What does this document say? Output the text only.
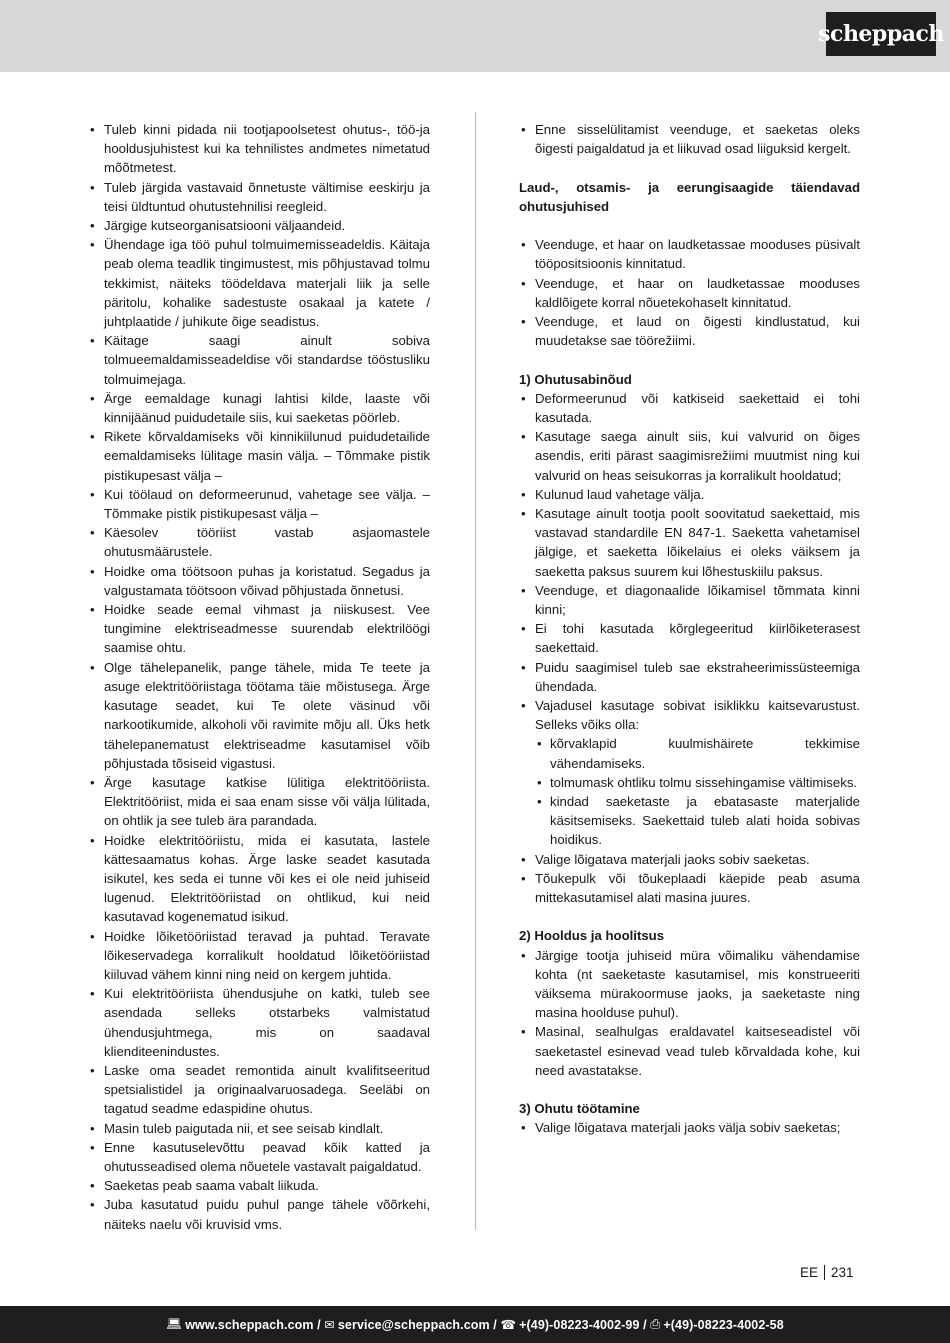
scheppach
• Tuleb kinni pidada nii tootjapoolsetest ohutus-, töö-ja hooldusjuhistest kui ka tehnilistes andmetes nimetatud mõõtmetest.
• Tuleb järgida vastavaid õnnetuste vältimise eeskirju ja teisi üldtuntud ohutustehnilisi reegleid.
• Järgige kutseorganisatsiooni väljaandeid.
• Ühendage iga töö puhul tolmuimemisseadeldis. Käitaja peab olema teadlik tingimustest, mis põhjustavad tolmu tekkimist, näiteks töödeldava materjali liik ja selle päritolu, kohalike sadestuste osakaal ja katete / juhtplaatide / juhikute õige seadistus.
• Käitage saagi ainult sobiva tolmueemaldamisseadeldise või standardse tööstusliku tolmuimejaga.
• Ärge eemaldage kunagi lahtisi kilde, laaste või kinnijäänud puidudetaile siis, kui saeketas pöörleb.
• Rikete kõrvaldamiseks või kinnikiilunud puidudetailide eemaldamiseks lülitage masin välja. – Tõmmake pistik pistikupesast välja –
• Kui töölaud on deformeerunud, vahetage see välja. – Tõmmake pistik pistikupesast välja –
• Käesolev tööriist vastab asjaomastele ohutusmäärustele.
• Hoidke oma töötsoon puhas ja koristatud. Segadus ja valgustamata töötsoon võivad põhjustada õnnetusi.
• Hoidke seade eemal vihmast ja niiskusest. Vee tungimine elektriseadmesse suurendab elektrilöögi saamise ohtu.
• Olge tähelepanelik, pange tähele, mida Te teete ja asuge elektritööriistaga töötama täie mõistusega. Ärge kasutage seadet, kui Te olete väsinud või narkootikumide, alkoholi või ravimite mõju all. Üks hetk tähelepanematust elektriseadme kasutamisel võib põhjustada tõsiseid vigastusi.
• Ärge kasutage katkise lülitiga elektritööriista. Elektritööriist, mida ei saa enam sisse või välja lülitada, on ohtlik ja see tuleb ära parandada.
• Hoidke elektritööriistu, mida ei kasutata, lastele kättesaamatus kohas. Ärge laske seadet kasutada isikutel, kes seda ei tunne või kes ei ole neid juhiseid lugenud. Elektritööriistad on ohtlikud, kui neid kasutavad kogenematud isikud.
• Hoidke lõiketööriistad teravad ja puhtad. Teravate lõikeservadega korralikult hooldatud lõiketööriistad kiiluvad vähem kinni ning neid on kergem juhtida.
• Kui elektritööriista ühendusjuhe on katki, tuleb see asendada selleks otstarbeks valmistatud ühendusjuhtmega, mis on saadaval klienditeenindustes.
• Laske oma seadet remontida ainult kvalifitseeritud spetsialistidel ja originaalvaruosadega. Seeläbi on tagatud seadme edaspidine ohutus.
• Masin tuleb paigutada nii, et see seisab kindlalt.
• Enne kasutuselevõttu peavad kõik katted ja ohutusseadised olema nõuetele vastavalt paigaldatud.
• Saeketas peab saama vabalt liikuda.
• Juba kasutatud puidu puhul pange tähele võõrkehi, näiteks naelu või kruvisid vms.
• Enne sisselülitamist veenduge, et saeketas oleks õigesti paigaldatud ja et liikuvad osad liiguksid kergelt.

Laud-, otsamis- ja eerungisaagide täiendavad ohutusjuhised

• Veenduge, et haar on laudketassae mooduses püsivalt tööpositsioonis kinnitatud.
• Veenduge, et haar on laudketassae mooduses kaldlõigete korral nõuetekohaselt kinnitatud.
• Veenduge, et laud on õigesti kindlustatud, kui muudetakse sae töörežiimi.

1) Ohutusabinõud

• Deformeerunud või katkiseid saekettaid ei tohi kasutada.
• Kasutage saega ainult siis, kui valvurid on õiges asendis, eriti pärast saagimisrežiimi muutmist ning kui valvurid on heas seisukorras ja korralikult hooldatud;
• Kulunud laud vahetage välja.
• Kasutage ainult tootja poolt soovitatud saekettaid, mis vastavad standardile EN 847-1. Saeketta vahetamisel jälgige, et saeketta lõikelaius ei oleks väiksem ja saeketta paksus suurem kui lõhestuskiilu paksus.
• Veenduge, et diagonaalide lõikamisel tõmmata kinni kinni;
• Ei tohi kasutada kõrglegeeritud kiirlõiketerasest saekettaid.
• Puidu saagimisel tuleb sae ekstraheerimissüsteemiga ühendada.
• Vajadusel kasutage sobivat isiklikku kaitsevarustust. Selleks võiks olla:
• kõrvaklapid kuulmishäirete tekkimise vähendamiseks.
• tolmumask ohtliku tolmu sissehingamise vältimiseks.
• kindad saeketaste ja ebatasaste materjalide käsitsemiseks. Saekettaid tuleb alati hoida sobivas hoidikus.
• Valige lõigatava materjali jaoks sobiv saeketas.
• Tõukepulk või tõukeplaadi käepide peab asuma mittekasutamisel alati masina juures.

2) Hooldus ja hoolitsus

• Järgige tootja juhiseid müra võimaliku vähendamise kohta (nt saeketaste kasutamisel, mis konstrueeriti väiksema mürakoormuse jaoks, ja saeketaste ning masina hoolduse puhul).
• Masinal, sealhulgas eraldavatel kaitseseadistel või saeketastel esinevad vead tuleb kõrvaldada kohe, kui need avastatakse.

3) Ohutu töötamine

• Valige lõigatava materjali jaoks välja sobiv saeketas;
EE 231
💻︎ www.scheppach.com /
✉︎ service@scheppach.com /
☎︎ +(49)-08223-4002-99 /
⎙ +(49)-08223-4002-58
